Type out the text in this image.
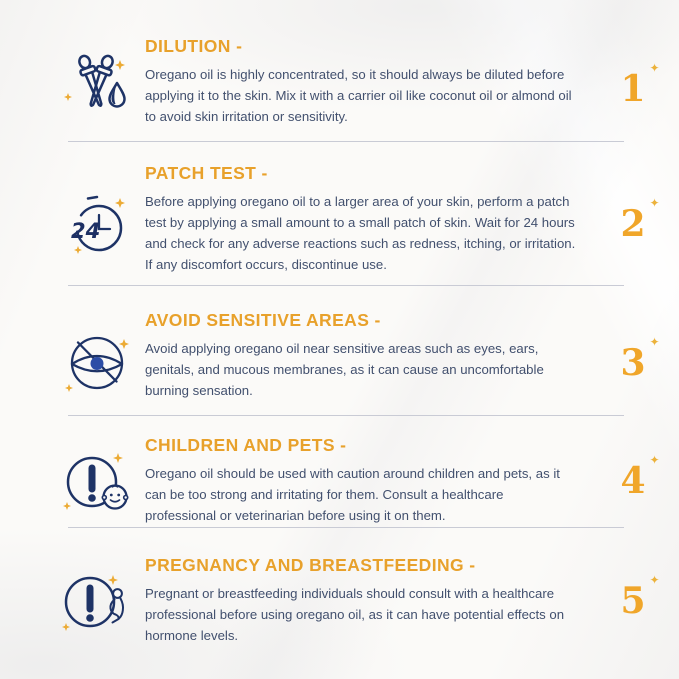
DILUTION -

Oregano oil is highly concentrated, so it should always be diluted before applying it to the skin. Mix it with a carrier oil like coconut oil or almond oil to avoid skin irritation or sensitivity.

1 ✦
24
PATCH TEST -

Before applying oregano oil to a larger area of your skin, perform a patch test by applying a small amount to a small patch of skin. Wait for 24 hours and check for any adverse reactions such as redness, itching, or irritation. If any discomfort occurs, discontinue use.

2 ✦
AVOID SENSITIVE AREAS -

Avoid applying oregano oil near sensitive areas such as eyes, ears, genitals, and mucous membranes, as it can cause an uncomfortable burning sensation.

3 ✦
CHILDREN AND PETS -

Oregano oil should be used with caution around children and pets, as it can be too strong and irritating for them. Consult a healthcare professional or veterinarian before using it on them.

4 ✦
PREGNANCY AND BREASTFEEDING -

Pregnant or breastfeeding individuals should consult with a healthcare professional before using oregano oil, as it can have potential effects on hormone levels.

5 ✦
